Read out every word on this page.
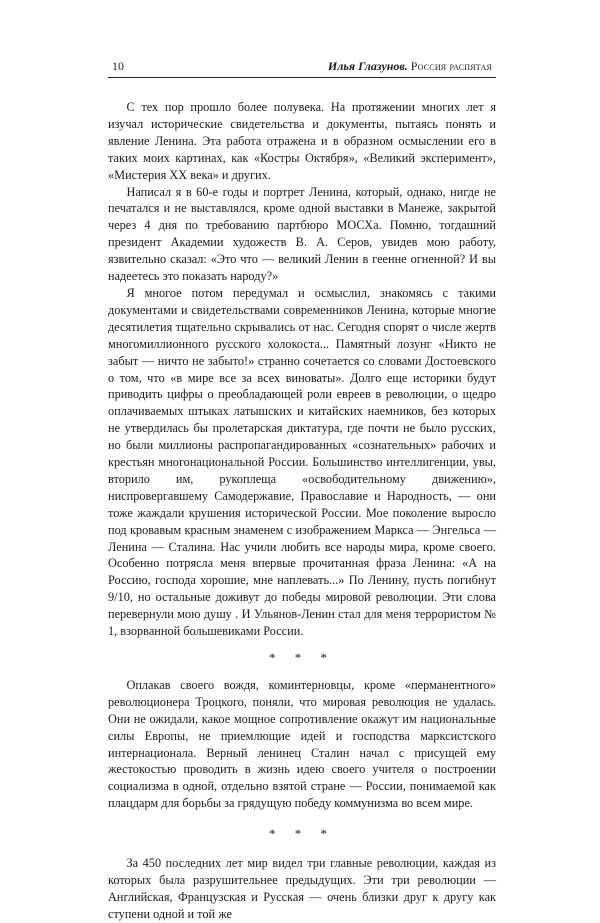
10	Илья Глазунов. Россия распятая

С тех пор прошло более полувека. На протяжении многих лет я изучал исторические свидетельства и документы, пытаясь понять и явление Ленина. Эта работа отражена и в образном осмыслении его в таких моих картинах, как «Костры Октября», «Великий эксперимент», «Мистерия XX века» и других.

Написал я в 60-е годы и портрет Ленина, который, однако, нигде не печатался и не выставлялся, кроме одной выставки в Манеже, закрытой через 4 дня по требованию партбюро МОСХа. Помню, тогдашний президент Академии художеств В. А. Серов, увидев мою работу, язвительно сказал: «Это что — великий Ленин в геенне огненной? И вы надеетесь это показать народу?»

Я многое потом передумал и осмыслил, знакомясь с такими документами и свидетельствами современников Ленина, которые многие десятилетия тщательно скрывались от нас. Сегодня спорят о числе жертв многомиллионного русского холокоста... Памятный лозунг «Никто не забыт — ничто не забыто!» странно сочетается со словами Достоевского о том, что «в мире все за всех виноваты». Долго еще историки будут приводить цифры о преобладающей роли евреев в революции, о щедро оплачиваемых штыках латышских и китайских наемников, без которых не утвердилась бы пролетарская диктатура, где почти не было русских, но были миллионы распропагандированных «сознательных» рабочих и крестьян многонациональной России. Большинство интеллигенции, увы, вторило им, рукоплеща «освободительному движению», ниспровергавшему Самодержавие, Православие и Народность, — они тоже жаждали крушения исторической России. Мое поколение выросло под кровавым красным знаменем с изображением Маркса — Энгельса — Ленина — Сталина. Нас учили любить все народы мира, кроме своего. Особенно потрясла меня впервые прочитанная фраза Ленина: «А на Россию, господа хорошие, мне наплевать...» По Ленину, пусть погибнут 9/10, но остальные доживут до победы мировой революции. Эти слова перевернули мою душу . И Ульянов-Ленин стал для меня террористом № 1, взорванной большевиками России.

* * *

Оплакав своего вождя, коминтерновцы, кроме «перманентного» революционера Троцкого, поняли, что мировая революция не удалась. Они не ожидали, какое мощное сопротивление окажут им национальные силы Европы, не приемлющие идей и господства марксистского интернационала. Верный ленинец Сталин начал с присущей ему жестокостью проводить в жизнь идею своего учителя о построении социализма в одной, отдельно взятой стране — России, понимаемой как плацдарм для борьбы за грядущую победу коммунизма во всем мире.

* * *

За 450 последних лет мир видел три главные революции, каждая из которых была разрушительнее предыдущих. Эти три революции — Английская, Французская и Русская — очень близки друг к другу как ступени одной и той же
